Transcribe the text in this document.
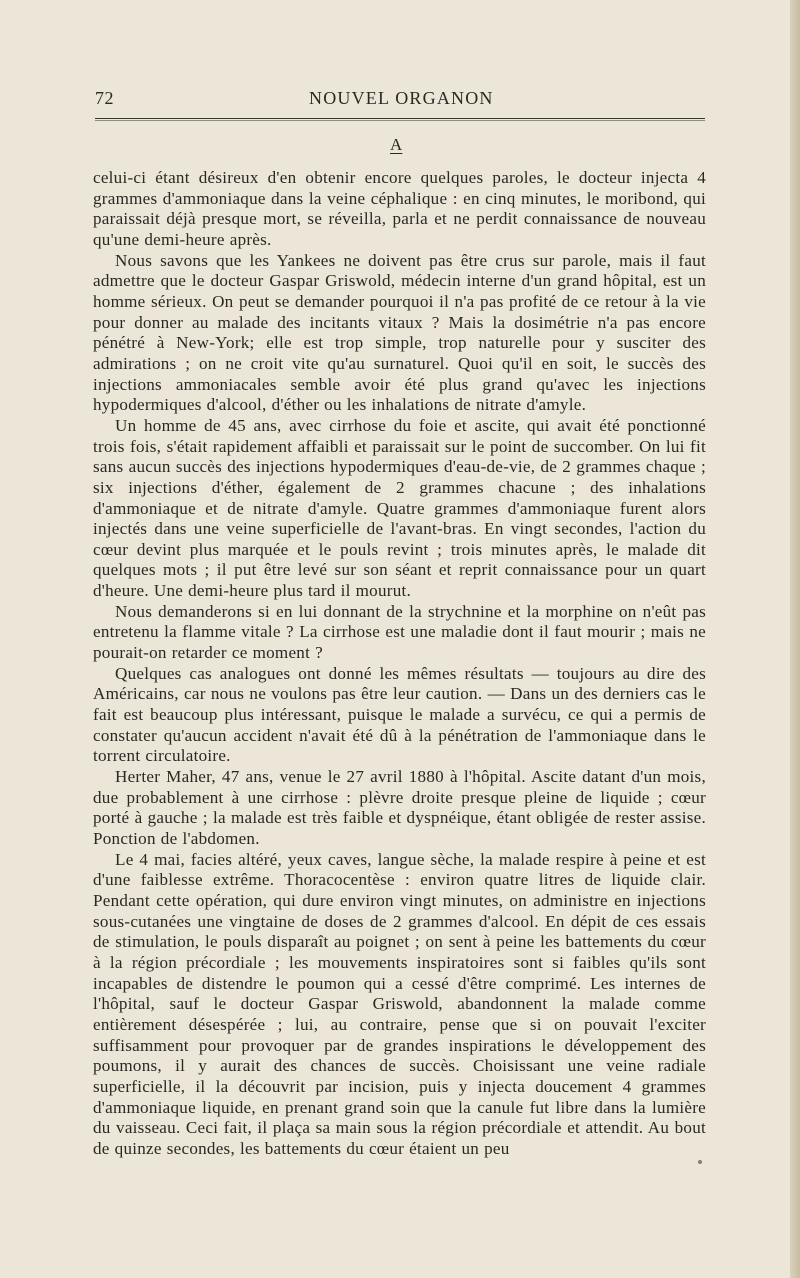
72	NOUVEL ORGANON
A

celui-ci étant désireux d'en obtenir encore quelques paroles, le docteur injecta 4 grammes d'ammoniaque dans la veine céphalique : en cinq minutes, le moribond, qui paraissait déjà presque mort, se réveilla, parla et ne perdit connaissance de nouveau qu'une demi-heure après.

Nous savons que les Yankees ne doivent pas être crus sur parole, mais il faut admettre que le docteur Gaspar Griswold, médecin interne d'un grand hôpital, est un homme sérieux. On peut se demander pourquoi il n'a pas profité de ce retour à la vie pour donner au malade des incitants vitaux ? Mais la dosimétrie n'a pas encore pénétré à New-York; elle est trop simple, trop naturelle pour y susciter des admirations ; on ne croit vite qu'au surnaturel. Quoi qu'il en soit, le succès des injections ammoniacales semble avoir été plus grand qu'avec les injections hypodermiques d'alcool, d'éther ou les inhalations de nitrate d'amyle.

Un homme de 45 ans, avec cirrhose du foie et ascite, qui avait été ponctionné trois fois, s'était rapidement affaibli et paraissait sur le point de succomber. On lui fit sans aucun succès des injections hypodermiques d'eau-de-vie, de 2 grammes chaque ; six injections d'éther, également de 2 grammes chacune ; des inhalations d'ammoniaque et de nitrate d'amyle. Quatre grammes d'ammoniaque furent alors injectés dans une veine superficielle de l'avant-bras. En vingt secondes, l'action du cœur devint plus marquée et le pouls revint ; trois minutes après, le malade dit quelques mots ; il put être levé sur son séant et reprit connaissance pour un quart d'heure. Une demi-heure plus tard il mourut.

Nous demanderons si en lui donnant de la strychnine et la morphine on n'eût pas entretenu la flamme vitale ? La cirrhose est une maladie dont il faut mourir ; mais ne pourait-on retarder ce moment ?

Quelques cas analogues ont donné les mêmes résultats — toujours au dire des Américains, car nous ne voulons pas être leur caution. — Dans un des derniers cas le fait est beaucoup plus intéressant, puisque le malade a survécu, ce qui a permis de constater qu'aucun accident n'avait été dû à la pénétration de l'ammoniaque dans le torrent circulatoire.

Herter Maher, 47 ans, venue le 27 avril 1880 à l'hôpital. Ascite datant d'un mois, due probablement à une cirrhose : plèvre droite presque pleine de liquide ; cœur porté à gauche ; la malade est très faible et dyspnéique, étant obligée de rester assise. Ponction de l'abdomen.

Le 4 mai, facies altéré, yeux caves, langue sèche, la malade respire à peine et est d'une faiblesse extrême. Thoracocentèse : environ quatre litres de liquide clair. Pendant cette opération, qui dure environ vingt minutes, on administre en injections sous-cutanées une vingtaine de doses de 2 grammes d'alcool. En dépit de ces essais de stimulation, le pouls disparaît au poignet ; on sent à peine les battements du cœur à la région précordiale ; les mouvements inspiratoires sont si faibles qu'ils sont incapables de distendre le poumon qui a cessé d'être comprimé. Les internes de l'hôpital, sauf le docteur Gaspar Griswold, abandonnent la malade comme entièrement désespérée ; lui, au contraire, pense que si on pouvait l'exciter suffisamment pour provoquer par de grandes inspirations le développement des poumons, il y aurait des chances de succès. Choisissant une veine radiale superficielle, il la découvrit par incision, puis y injecta doucement 4 grammes d'ammoniaque liquide, en prenant grand soin que la canule fut libre dans la lumière du vaisseau. Ceci fait, il plaça sa main sous la région précordiale et attendit. Au bout de quinze secondes, les battements du cœur étaient un peu
